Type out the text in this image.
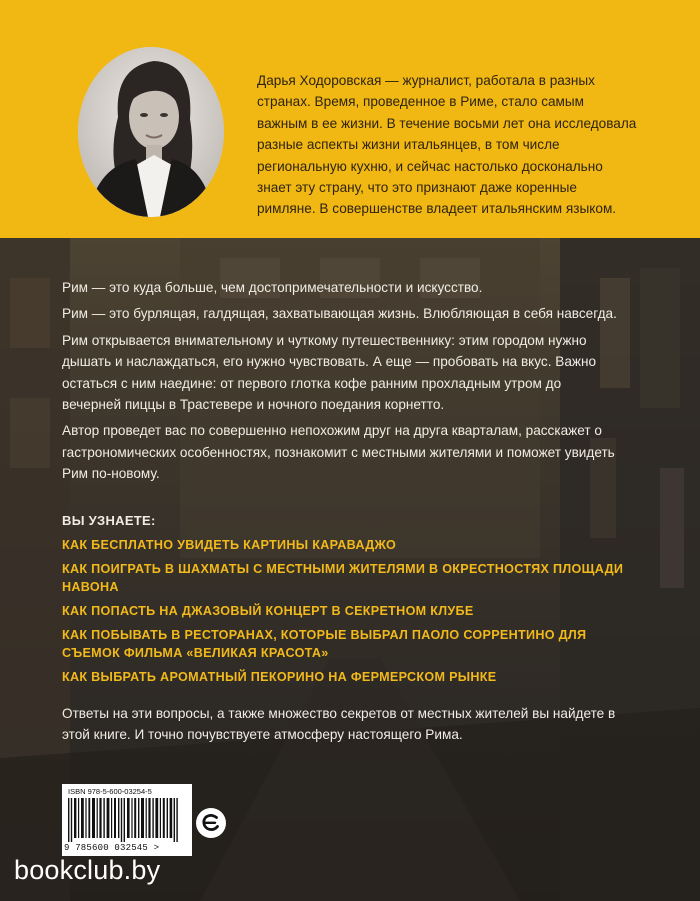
Дарья Ходоровская — журналист, работала в разных странах. Время, проведенное в Риме, стало самым важным в ее жизни. В течение восьми лет она исследовала разные аспекты жизни итальянцев, в том числе региональную кухню, и сейчас настолько досконально знает эту страну, что это признают даже коренные римляне. В совершенстве владеет итальянским языком.

Рим — это куда больше, чем достопримечательности и искусство.

Рим — это бурлящая, галдящая, захватывающая жизнь. Влюбляющая в себя навсегда.

Рим открывается внимательному и чуткому путешественнику: этим городом нужно дышать и наслаждаться, его нужно чувствовать. А еще — пробовать на вкус. Важно остаться с ним наедине: от первого глотка кофе ранним прохладным утром до вечерней пиццы в Трастевере и ночного поедания корнетто.

Автор проведет вас по совершенно непохожим друг на друга кварталам, расскажет о гастрономических особенностях, познакомит с местными жителями и поможет увидеть Рим по-новому.

ВЫ УЗНАЕТЕ:
КАК БЕСПЛАТНО УВИДЕТЬ КАРТИНЫ КАРАВАДЖО
КАК ПОИГРАТЬ В ШАХМАТЫ С МЕСТНЫМИ ЖИТЕЛЯМИ В ОКРЕСТНОСТЯХ ПЛОЩАДИ НАВОНА
КАК ПОПАСТЬ НА ДЖАЗОВЫЙ КОНЦЕРТ В СЕКРЕТНОМ КЛУБЕ
КАК ПОБЫВАТЬ В РЕСТОРАНАХ, КОТОРЫЕ ВЫБРАЛ ПАОЛО СОРРЕНТИНО ДЛЯ СЪЕМОК ФИЛЬМА «ВЕЛИКАЯ КРАСОТА»
КАК ВЫБРАТЬ АРОМАТНЫЙ ПЕКОРИНО НА ФЕРМЕРСКОМ РЫНКЕ
Ответы на эти вопросы, а также множество секретов от местных жителей вы найдете в этой книге. И точно почувствуете атмосферу настоящего Рима.
ISBN 978-5-600-03254-5
9 785600 032545 >
bookclub.by
